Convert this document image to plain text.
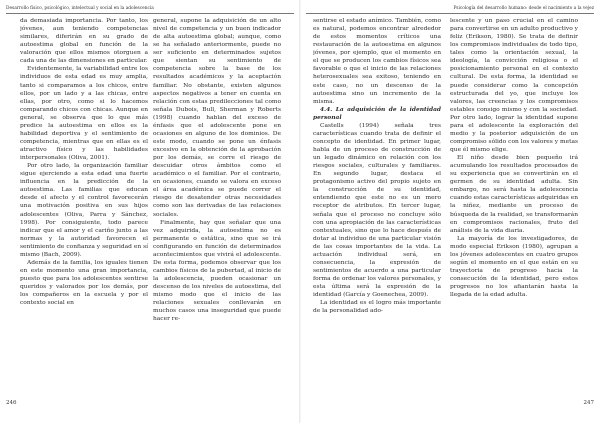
Desarrollo físico, psicológico, intelectual y social en la adolescencia

da demasiada importancia. Por tanto, los jóvenes, aun teniendo competencias similares, diferirán en su grado de autoestima global en función de la valoración que ellos mismos otorguen a cada una de las dimensiones en particular.

Evidentemente, la variabilidad entre los individuos de esta edad es muy amplia, tanto si comparamos a los chicos, entre ellos, por un lado y a las chicas, entre ellas, por otro, como si lo hacemos comparando chicos con chicas. Aunque en general, se observa que lo que más predice la autoestima en ellos es la habilidad deportiva y el sentimiento de competencia, mientras que en ellas es el atractivo físico y las habilidades interpersonales (Oliva, 2001).

Por otro lado, la organización familiar sigue ejerciendo a esta edad una fuerte influencia en la predicción de la autoestima. Las familias que educan desde el afecto y el control favorecerán una motivación positiva en sus hijos adolescentes (Oliva, Parra y Sánchez, 1998). Por consiguiente, todo parece indicar que el amor y el cariño junto a las normas y la autoridad favorecen el sentimiento de confianza y seguridad en sí mismo (Bach, 2009).

Además de la familia, los iguales tienen en este momento una gran importancia, puesto que para los adolescentes sentirse queridos y valorados por los demás, por los compañeros en la escuela y por el contexto social en

general, supone la adquisición de un alto nivel de competencia y un buen indicador de alta autoestima global; aunque, como se ha señalado anteriormente, puede no ser suficiente en determinados sujetos que sientan su sentimiento de competencia sobre la base de los resultados académicos y la aceptación familiar. No obstante, existen algunos aspectos negativos a tener en cuenta en relación con estas predilecciones tal como señala Dubois, Bull, Sherman y Roberts (1998) cuando hablan del exceso de énfasis que el adolescente pone en ocasiones en alguno de los dominios. De este modo, cuando se pone un énfasis excesivo en la obtención de la aprobación por los demás, se corre el riesgo de descuidar otros ámbitos como el académico o el familiar. Por el contrario, en ocasiones, cuando se valora en exceso el área académica se puede correr el riesgo de desatender otras necesidades como son las derivadas de las relaciones sociales.

Finalmente, hay que señalar que una vez adquirida, la autoestima no es permanente o estática, sino que se irá configurando en función de determinados acontecimientos que vivirá el adolescente. De esta forma, podemos observar que los cambios físicos de la pubertad, al inicio de la adolescencia, pueden ocasionar un descenso de los niveles de autoestima, del mismo modo que el inicio de las relaciones sexuales conllevarán en muchos casos una inseguridad que puede hacer re-

246
Psicología del desarrollo humano: desde el nacimiento a la vejez

sentirse el estado anímico. También, como es natural, podemos encontrar alrededor de estos momentos críticos una restauración de la autoestima en algunos jóvenes, por ejemplo, que el momento en el que se producen los cambios físicos sea favorable o que el inicio de las relaciones heterosexuales sea exitoso, teniendo en este caso, no un descenso de la autoestima sino un incremento de la misma.

4.4. La adquisición de la identidad personal

Castells (1994) señala tres características cuando trata de definir el concepto de identidad. En primer lugar, habla de un proceso de construcción de un legado dinámico en relación con los riesgos sociales, culturales y familiares. En segundo lugar, destaca el protagonismo activo del propio sujeto en la construcción de su identidad, entendiendo que este no es un mero receptor de atributos. En tercer lugar, señala que el proceso no concluye sólo con una apropiación de las características contextuales, sino que lo hace después de dotar al individuo de una particular visión de las cosas importantes de la vida. La actuación individual será, en consecuencia, la expresión de sentimientos de acuerdo a una particular forma de ordenar los valores personales, y esta última será la expresión de la identidad (García y Goenechea, 2009).

La identidad es el logro más importante de la personalidad ado-

lescente y un paso crucial en el camino para convertirse en un adulto productivo y feliz (Erikson, 1980). Se trata de definir los compromisos individuales de todo tipo, tales como la orientación sexual, la ideología, la convicción religiosa o el posicionamiento personal en el contexto cultural. De esta forma, la identidad se puede considerar como la concepción estructurada del yo, que incluye los valores, las creencias y los compromisos estables consigo mismo y con la sociedad. Por otro lado, lograr la identidad supone para el adolescente la exploración del medio y la posterior adquisición de un compromiso sólido con los valores y metas que él mismo elige.

El niño desde bien pequeño irá acumulando los resultados procesados de su experiencia que se convertirán en el germen de su identidad adulta. Sin embargo, no será hasta la adolescencia cuando estas características adquiridas en la niñez, mediante un proceso de búsqueda de la realidad, se transformarán en compromisos racionales, fruto del análisis de la vida diaria.

La mayoría de los investigadores, de modo especial Erikson (1980), agrupan a los jóvenes adolescentes en cuatro grupos según el momento en el que están en su trayectoria de progreso hacia la consecución de la identidad, pero estos progresos no los afiantarán hasta la llegada de la edad adulta.

247
